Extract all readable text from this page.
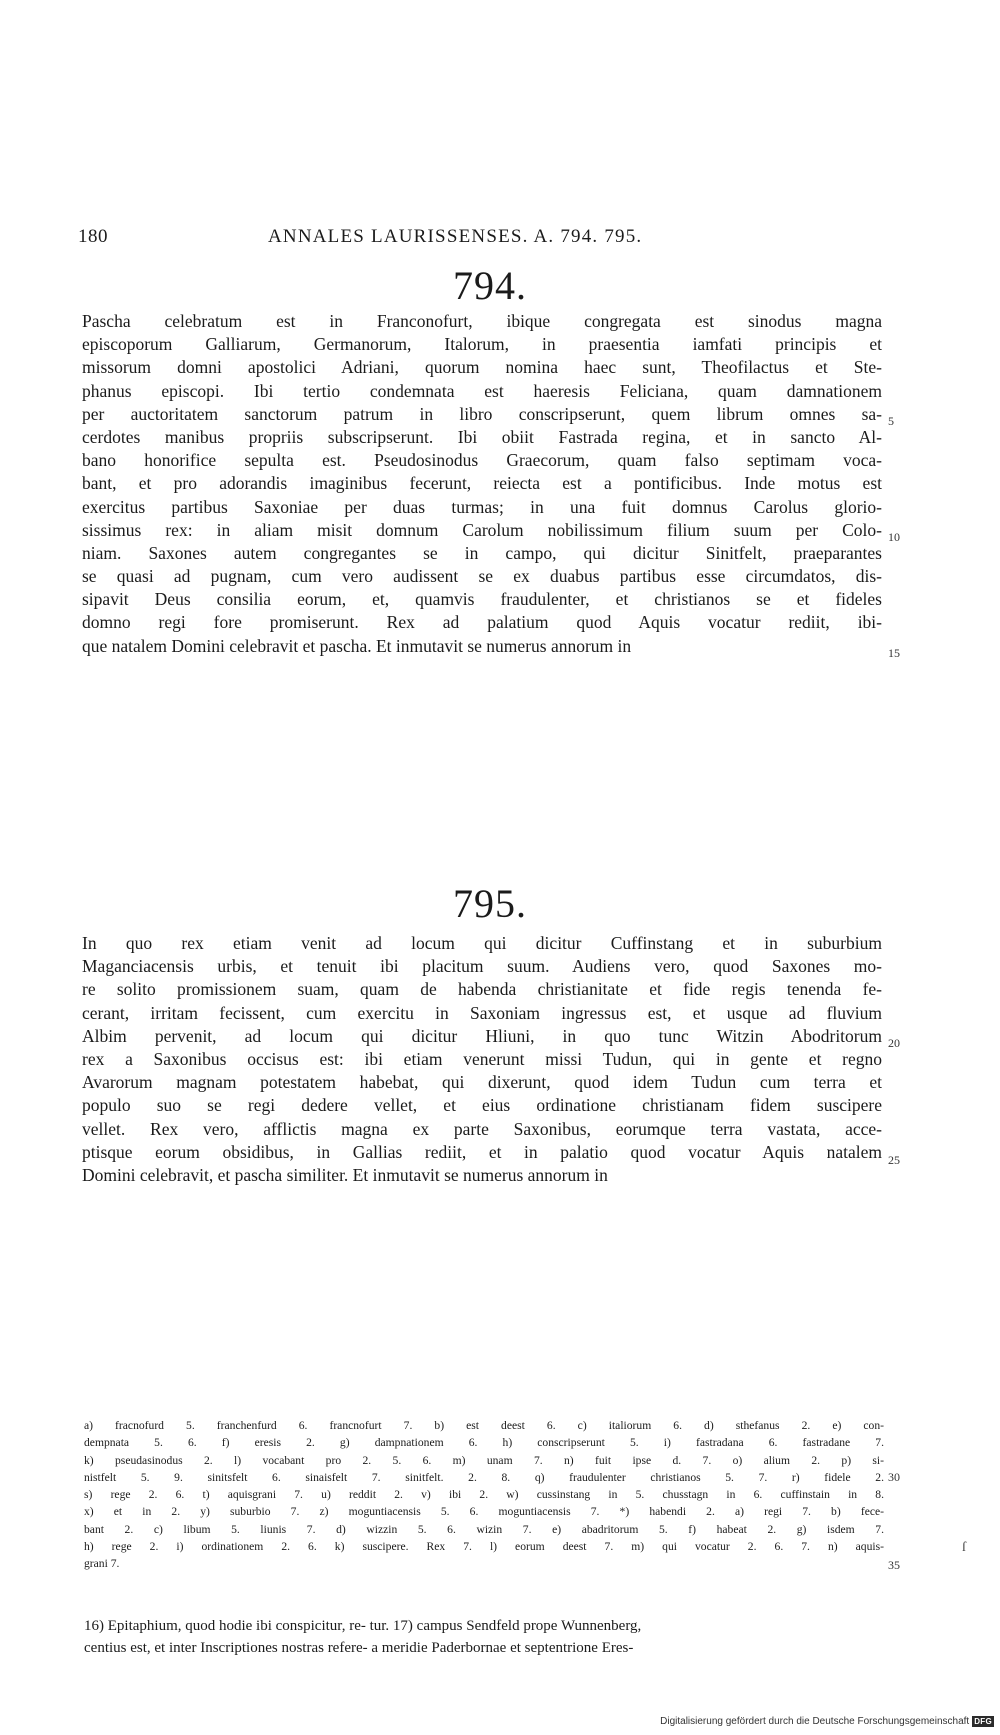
180	ANNALES LAURISSENSES. A. 794. 795.
794.
Pascha celebratum est in Franconofurt, ibique congregata est sinodus magna
episcoporum Galliarum, Germanorum, Italorum, in praesentia iamfati principis et
missorum domni apostolici Adriani, quorum nomina haec sunt, Theofilactus et Ste-
phanus episcopi. Ibi tertio condemnata est haeresis Feliciana, quam damnationem
per auctoritatem sanctorum patrum in libro conscripserunt, quem librum omnes sa-
cerdotes manibus propriis subscripserunt. Ibi obiit Fastrada regina, et in sancto Al-
bano honorifice sepulta est. Pseudosinodus Graecorum, quam falso septimam voca-
bant, et pro adorandis imaginibus fecerunt, reiecta est a pontificibus. Inde motus est
exercitus partibus Saxoniae per duas turmas; in una fuit domnus Carolus glorio-
sissimus rex: in aliam misit domnum Carolum nobilissimum filium suum per Colo-
niam. Saxones autem congregantes se in campo, qui dicitur Sinitfelt, praeparantes
se quasi ad pugnam, cum vero audissent se ex duabus partibus esse circumdatos, dis-
sipavit Deus consilia eorum, et, quamvis fraudulenter, et christianos se et fideles
domno regi fore promiserunt. Rex ad palatium quod Aquis vocatur rediit, ibi-
que natalem Domini celebravit et pascha. Et inmutavit se numerus annorum in
5
10
15
795.
In quo rex etiam venit ad locum qui dicitur Cuffinstang et in suburbium
Maganciacensis urbis, et tenuit ibi placitum suum. Audiens vero, quod Saxones mo-
re solito promissionem suam, quam de habenda christianitate et fide regis tenenda fe-
cerant, irritam fecissent, cum exercitu in Saxoniam ingressus est, et usque ad fluvium
Albim pervenit, ad locum qui dicitur Hliuni, in quo tunc Witzin Abodritorum
rex a Saxonibus occisus est: ibi etiam venerunt missi Tudun, qui in gente et regno
Avarorum magnam potestatem habebat, qui dixerunt, quod idem Tudun cum terra et
populo suo se regi dedere vellet, et eius ordinatione christianam fidem suscipere
vellet. Rex vero, afflictis magna ex parte Saxonibus, eorumque terra vastata, acce-
ptisque eorum obsidibus, in Gallias rediit, et in palatio quod vocatur Aquis natalem
Domini celebravit, et pascha similiter. Et inmutavit se numerus annorum in
20
25
30
35
a) fracnofurd 5. franchenfurd 6. francnofurt 7. b) est deest 6. c) italiorum 6. d) sthefanus 2. e) con-
dempnata 5. 6. f) eresis 2. g) dampnationem 6. h) conscripserunt 5. i) fastradana 6. fastradane 7.
k) pseudasinodus 2. l) vocabant pro 2. 5. 6. m) unam 7. n) fuit ipse d. 7. o) alium 2. p) si-
nistfelt 5. 9. sinitsfelt 6. sinaisfelt 7. sinitfelt. 2. 8. q) fraudulenter christianos 5. 7. r) fidele 2.
s) rege 2. 6. t) aquisgrani 7. u) reddit 2. v) ibi 2. w) cussinstang in 5. chusstagn in 6. cuffinstain in 8.
x) et in 2. y) suburbio 7. z) moguntiacensis 5. 6. moguntiacensis 7. *) habendi 2. a) regi 7. b) fece-
bant 2. c) libum 5. liunis 7. d) wizzin 5. 6. wizin 7. e) abadritorum 5. f) habeat 2. g) isdem 7.
h) rege 2. i) ordinationem 2. 6. k) suscipere. Rex 7. l) eorum deest 7. m) qui vocatur 2. 6. 7. n) aquis-
grani 7.
16) Epitaphium, quod hodie ibi conspicitur, re- tur. 17) campus Sendfeld prope Wunnenberg,
centius est, et inter Inscriptiones nostras refere- a meridie Paderbornae et septentrione Eres-
ſ
Digitalisierung gefördert durch die Deutsche Forschungsgemeinschaft DFG
